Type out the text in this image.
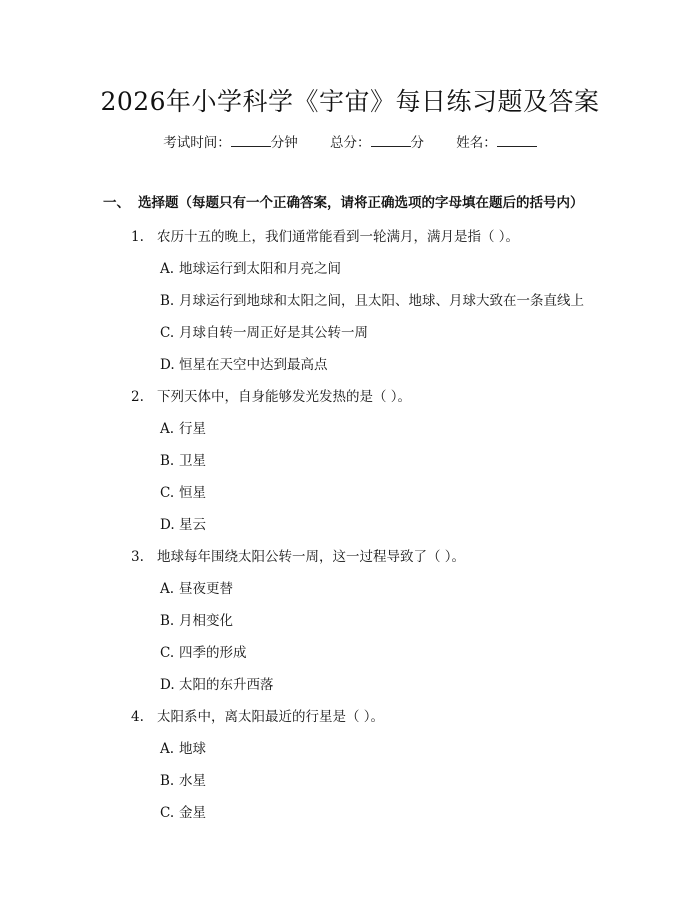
2026年小学科学《宇宙》每日练习题及答案
考试时间：	分钟 总分：	分 姓名：
一、 选择题（每题只有一个正确答案，请将正确选项的字母填在题后的括号内）
1. 农历十五的晚上，我们通常能看到一轮满月，满月是指（ ）。
A. 地球运行到太阳和月亮之间
B. 月球运行到地球和太阳之间，且太阳、地球、月球大致在一条直线上
C. 月球自转一周正好是其公转一周
D. 恒星在天空中达到最高点
2. 下列天体中，自身能够发光发热的是（ ）。
A. 行星
B. 卫星
C. 恒星
D. 星云
3. 地球每年围绕太阳公转一周，这一过程导致了（ ）。
A. 昼夜更替
B. 月相变化
C. 四季的形成
D. 太阳的东升西落
4. 太阳系中，离太阳最近的行星是（ ）。
A. 地球
B. 水星
C. 金星
